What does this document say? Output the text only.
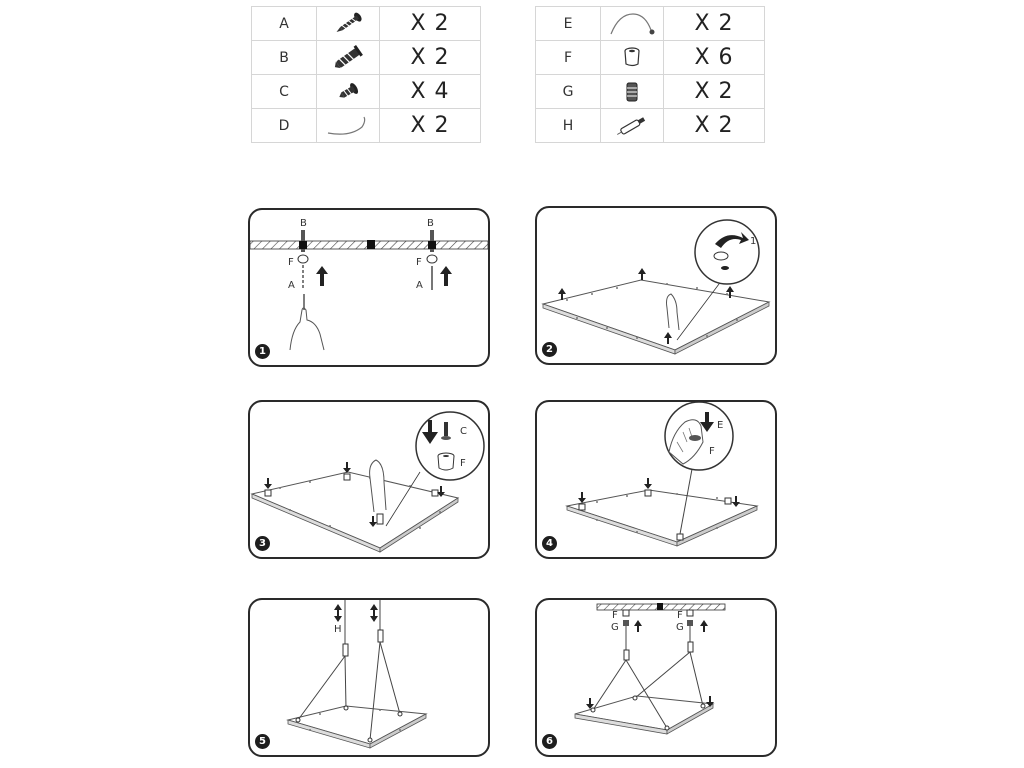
A		X 2
B		X 2
C		X 4
D		X 2
E		X 2
F		X 6
G		X 2
H		X 2
B
F
A
B
F
A
1
1
2
C
F
3
E
F
4
H
5
F
G
F
G
6
